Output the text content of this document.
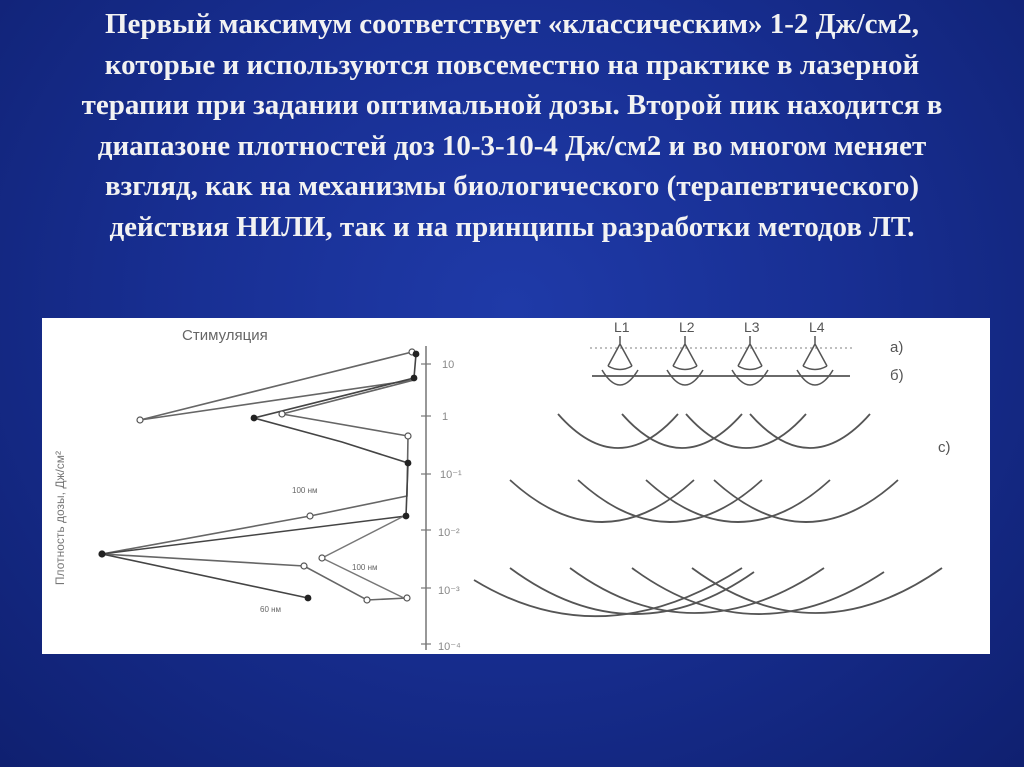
Первый максимум соответствует «классическим» 1-2 Дж/см2,
которые и используются повсеместно на практике в лазерной
терапии при задании оптимальной дозы. Второй пик находится в
диапазоне плотностей доз 10-3-10-4 Дж/см2 и во многом меняет
взгляд, как на механизмы биологического (терапевтического)
действия НИЛИ, так и на принципы разработки методов ЛТ.
Стимуляция
Плотность дозы, Дж/см²
10
1
10⁻¹
10⁻²
10⁻³
10⁻⁴
100 нм
100 нм
60 нм
L1	L2	L3	L4
а)
б)
с)
